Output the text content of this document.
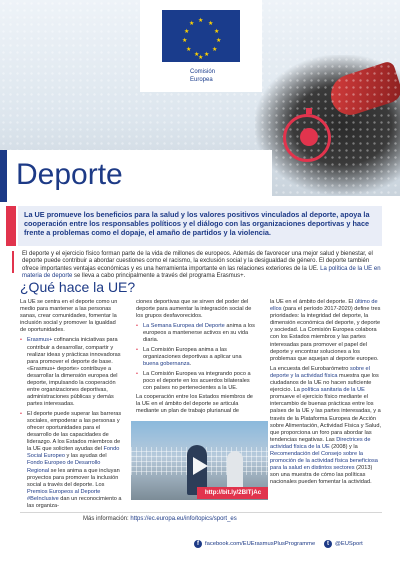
★ ★
★
★
★
★
★
★
★
★
★
★
Comisión
Europea
Deporte
La UE promueve los beneficios para la salud y los valores positivos vinculados al deporte, apoya la cooperación entre los responsables políticos y el diálogo con las organizaciones deportivas y hace frente a problemas como el dopaje, el amaño de partidos y la violencia.
El deporte y el ejercicio físico forman parte de la vida de millones de europeos. Además de favorecer una mejor salud y bienestar, el deporte puede contribuir a abordar cuestiones como el racismo, la exclusión social y la desigualdad de género. El deporte también ofrece importantes ventajas económicas y es una herramienta importante en las relaciones exteriores de la UE. La política de la UE en materia de deporte se lleva a cabo principalmente a través del programa Erasmus+.
¿Qué hace la UE?

La UE se centra en el deporte como un medio para mantener a las personas sanas, crear comunidades, fomentar la inclusión social y promover la igualdad de oportunidades.

• Erasmus+ cofinancia iniciativas para contribuir a desarrollar, compartir y realizar ideas y prácticas innovadoras para promover el deporte de base. «Erasmus+ deporte» contribuye a desarrollar la dimensión europea del deporte, impulsando la cooperación entre organizaciones deportivas, administraciones públicas y demás partes interesadas.
• El deporte puede superar las barreras sociales, empoderar a las personas y ofrecer oportunidades para el desarrollo de las capacidades de liderazgo. A los Estados miembros de la UE que soliciten ayudas del Fondo Social Europeo y las ayudas del Fondo Europeo de Desarrollo Regional se les anima a que incluyan proyectos para promover la inclusión social a través del deporte. Los Premios Europeos al Deporte #BeInclusive dan un reconocimiento a las organiza-

ciones deportivas que se sirven del poder del deporte para aumentar la integración social de los grupos desfavorecidos.

• La Semana Europea del Deporte anima a los europeos a mantenerse activos en su vida diaria.
• La Comisión Europea anima a las organizaciones deportivas a aplicar una buena gobernanza.
• La Comisión Europea va integrando poco a poco el deporte en los acuerdos bilaterales con países no pertenecientes a la UE.

La cooperación entre los Estados miembros de la UE en el ámbito del deporte se articula mediante un plan de trabajo plurianual de

la UE en el ámbito del deporte. El último de ellos (para el período 2017-2020) define tres prioridades: la integridad del deporte, la dimensión económica del deporte, y deporte y sociedad. La Comisión Europea colabora con los Estados miembros y las partes interesadas para promover el papel del deporte y encontrar soluciones a los problemas que aquejan al deporte europeo.

La encuesta del Eurobarómetro sobre el deporte y la actividad física muestra que los ciudadanos de la UE no hacen suficiente ejercicio. La política sanitaria de la UE promueve el ejercicio físico mediante el intercambio de buenas prácticas entre los países de la UE y las partes interesadas, y a través de la Plataforma Europea de Acción sobre Alimentación, Actividad Física y Salud, que proporciona un foro para abordar las tendencias negativas. Las Directrices de actividad física de la UE (2008) y la Recomendación del Consejo sobre la promoción de la actividad física beneficiosa para la salud en distintos sectores (2013) son una muestra de cómo las políticas nacionales pueden fomentar la actividad.

http://bit.ly/2BlTjAc
Más información: https://ec.europa.eu/info/topics/sport_es
f	facebook.com/EUErasmusPlusProgramme	t	@EUSport
